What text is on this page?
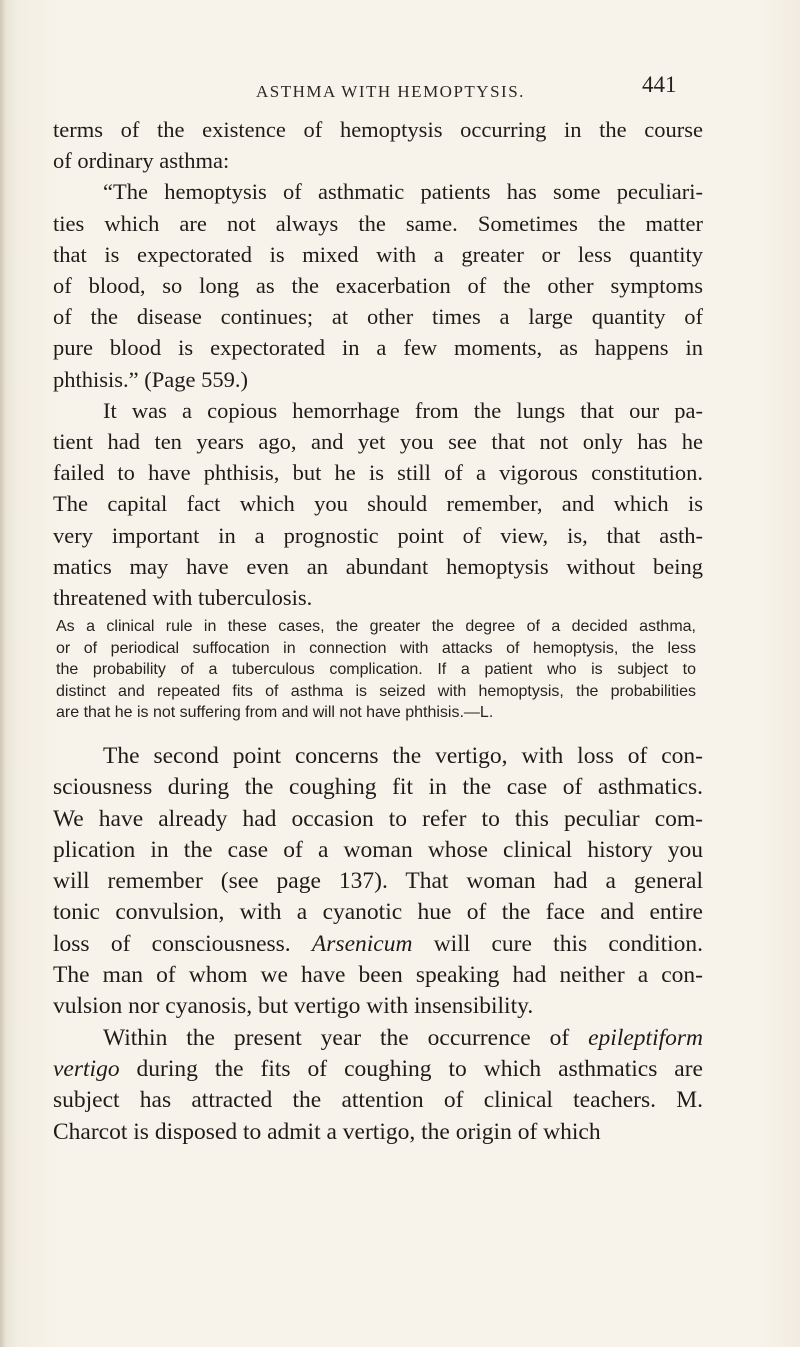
ASTHMA WITH HEMOPTYSIS.	441
terms of the existence of hemoptysis occurring in the course
of ordinary asthma:
“The hemoptysis of asthmatic patients has some peculiari-
ties which are not always the same. Sometimes the matter
that is expectorated is mixed with a greater or less quantity
of blood, so long as the exacerbation of the other symptoms
of the disease continues; at other times a large quantity of
pure blood is expectorated in a few moments, as happens in
phthisis.” (Page 559.)
It was a copious hemorrhage from the lungs that our pa-
tient had ten years ago, and yet you see that not only has he
failed to have phthisis, but he is still of a vigorous constitution.
The capital fact which you should remember, and which is
very important in a prognostic point of view, is, that asth-
matics may have even an abundant hemoptysis without being
threatened with tuberculosis.
As a clinical rule in these cases, the greater the degree of a decided asthma,
or of periodical suffocation in connection with attacks of hemoptysis, the less
the probability of a tuberculous complication. If a patient who is subject to
distinct and repeated fits of asthma is seized with hemoptysis, the probabilities
are that he is not suffering from and will not have phthisis.—L.
The second point concerns the vertigo, with loss of con-
sciousness during the coughing fit in the case of asthmatics.
We have already had occasion to refer to this peculiar com-
plication in the case of a woman whose clinical history you
will remember (see page 137). That woman had a general
tonic convulsion, with a cyanotic hue of the face and entire
loss of consciousness. Arsenicum will cure this condition.
The man of whom we have been speaking had neither a con-
vulsion nor cyanosis, but vertigo with insensibility.
Within the present year the occurrence of epileptiform
vertigo during the fits of coughing to which asthmatics are
subject has attracted the attention of clinical teachers. M.
Charcot is disposed to admit a vertigo, the origin of which
